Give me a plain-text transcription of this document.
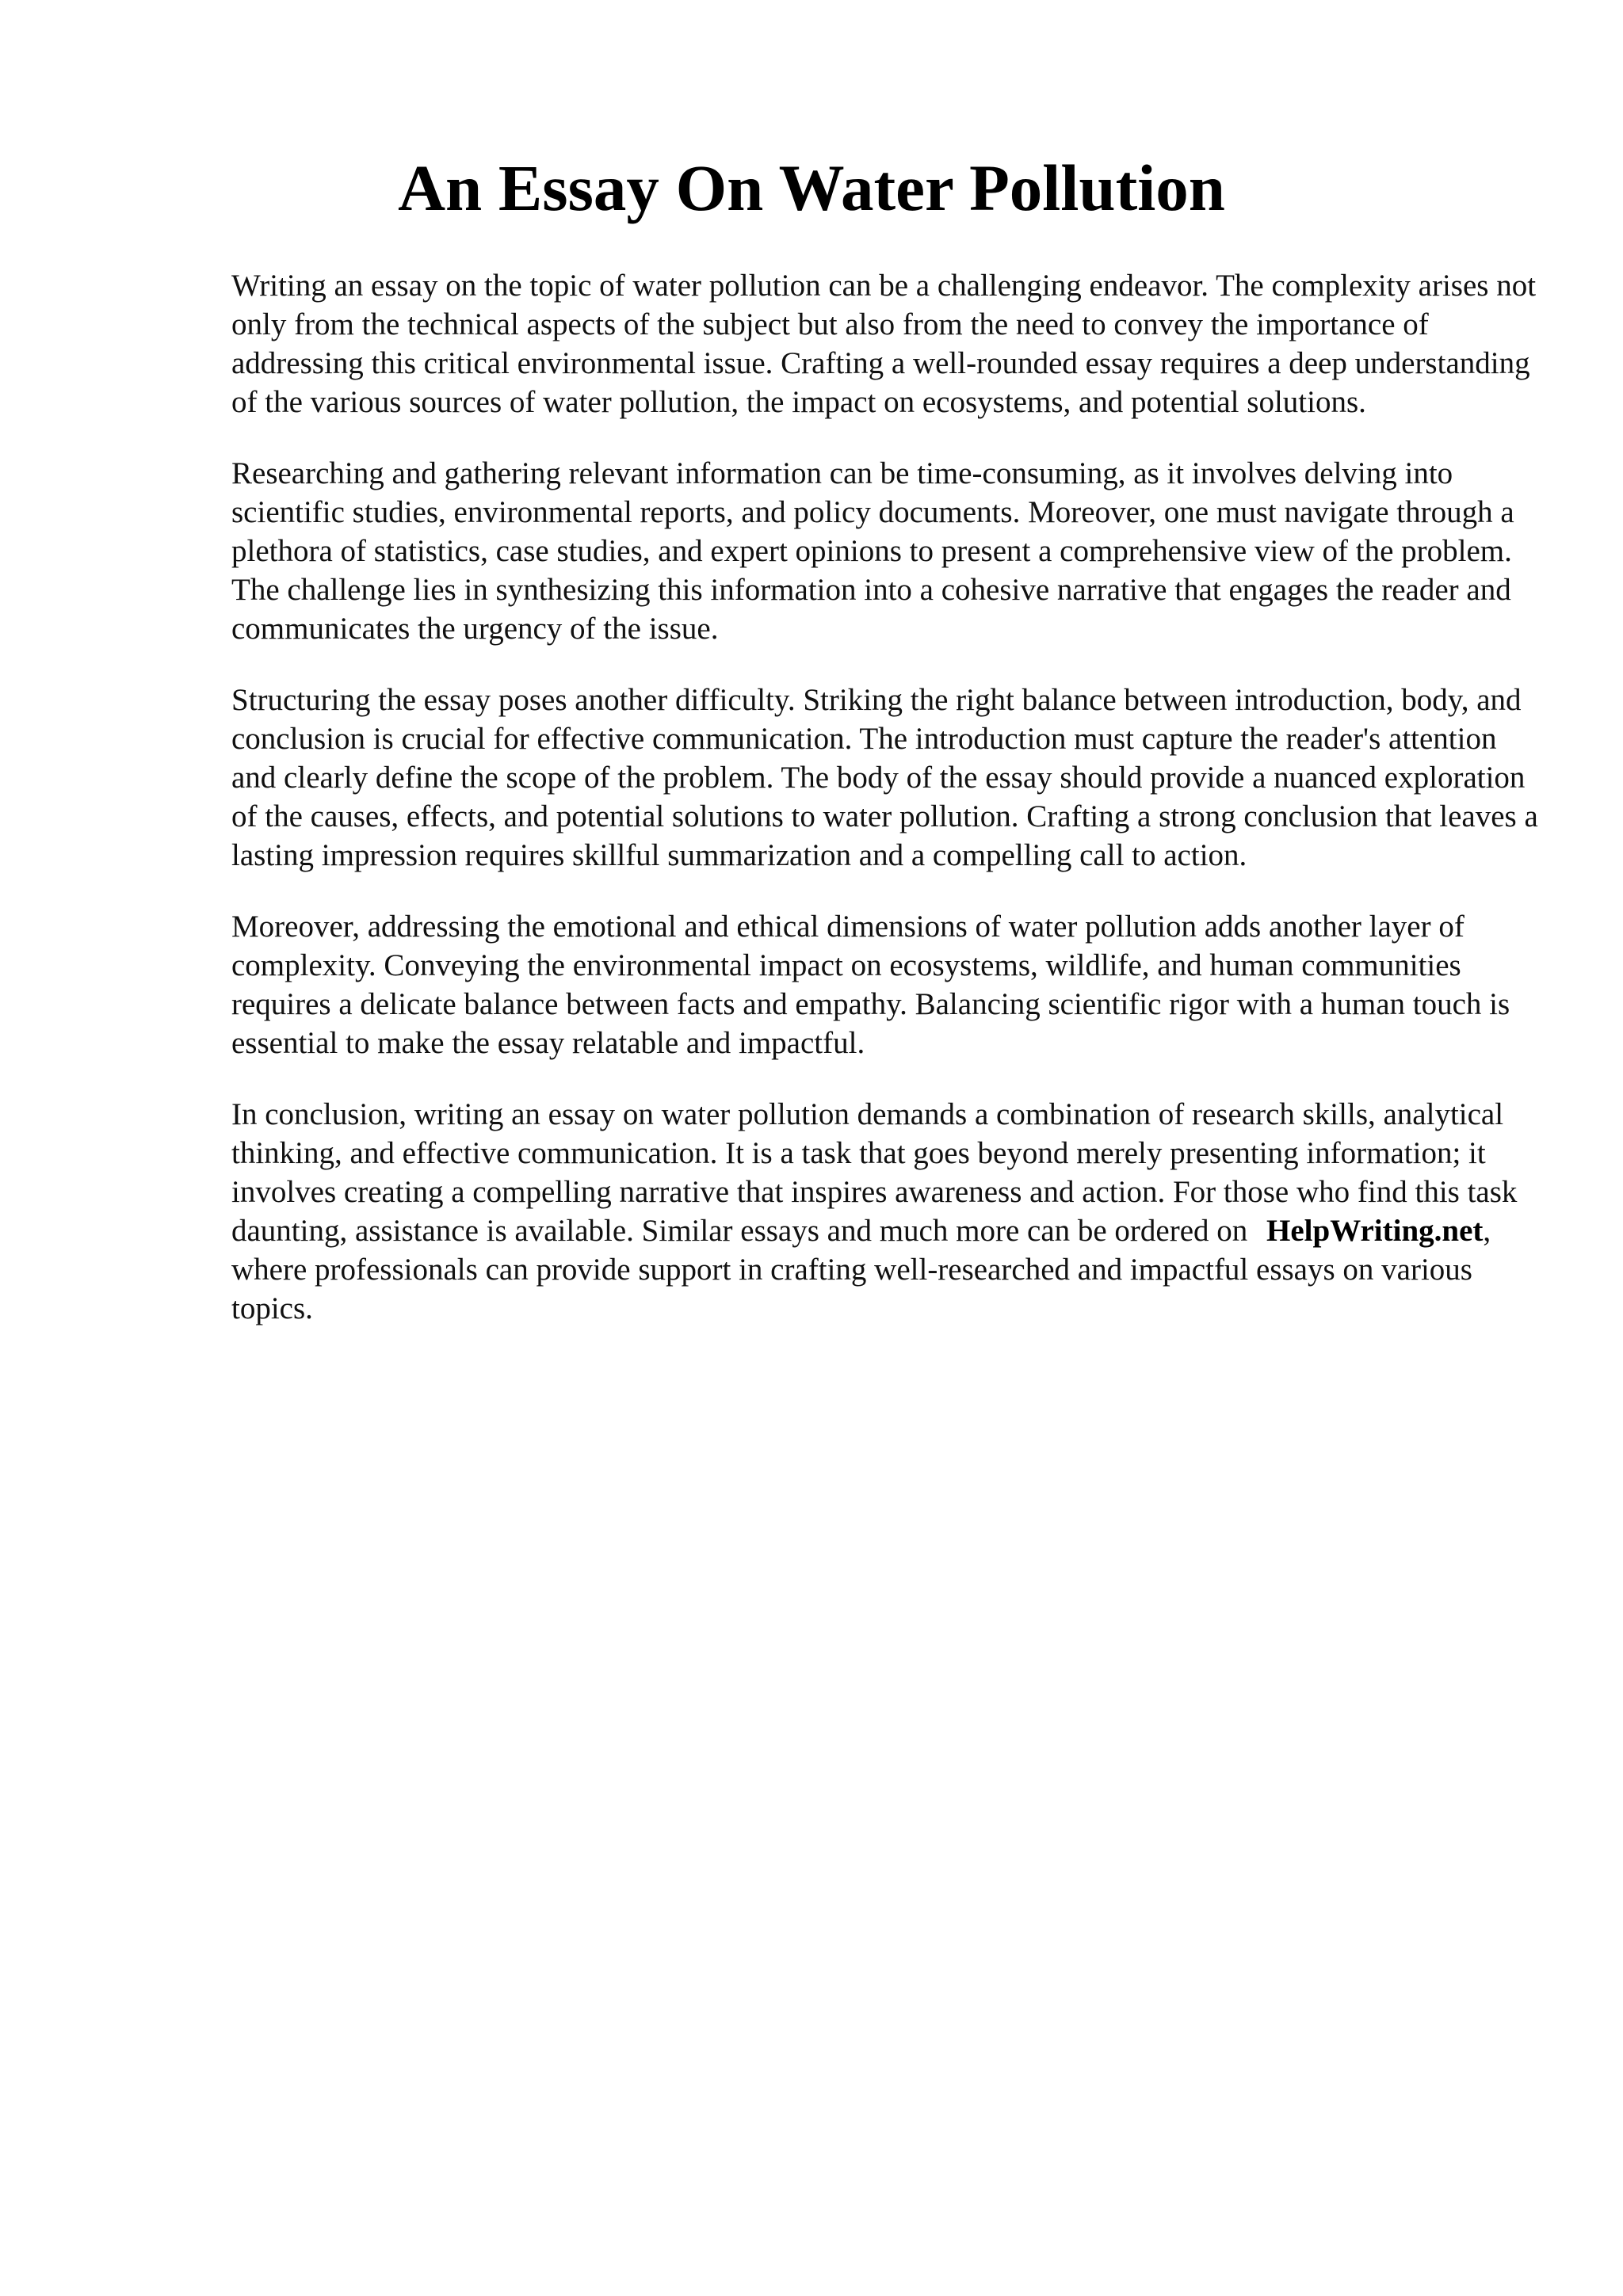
An Essay On Water Pollution

Writing an essay on the topic of water pollution can be a challenging endeavor. The complexity arises not only from the technical aspects of the subject but also from the need to convey the importance of addressing this critical environmental issue. Crafting a well-rounded essay requires a deep understanding of the various sources of water pollution, the impact on ecosystems, and potential solutions.

Researching and gathering relevant information can be time-consuming, as it involves delving into scientific studies, environmental reports, and policy documents. Moreover, one must navigate through a plethora of statistics, case studies, and expert opinions to present a comprehensive view of the problem. The challenge lies in synthesizing this information into a cohesive narrative that engages the reader and communicates the urgency of the issue.

Structuring the essay poses another difficulty. Striking the right balance between introduction, body, and conclusion is crucial for effective communication. The introduction must capture the reader's attention and clearly define the scope of the problem. The body of the essay should provide a nuanced exploration of the causes, effects, and potential solutions to water pollution. Crafting a strong conclusion that leaves a lasting impression requires skillful summarization and a compelling call to action.

Moreover, addressing the emotional and ethical dimensions of water pollution adds another layer of complexity. Conveying the environmental impact on ecosystems, wildlife, and human communities requires a delicate balance between facts and empathy. Balancing scientific rigor with a human touch is essential to make the essay relatable and impactful.

In conclusion, writing an essay on water pollution demands a combination of research skills, analytical thinking, and effective communication. It is a task that goes beyond merely presenting information; it involves creating a compelling narrative that inspires awareness and action. For those who find this task daunting, assistance is available. Similar essays and much more can be ordered on HelpWriting.net, where professionals can provide support in crafting well-researched and impactful essays on various topics.
